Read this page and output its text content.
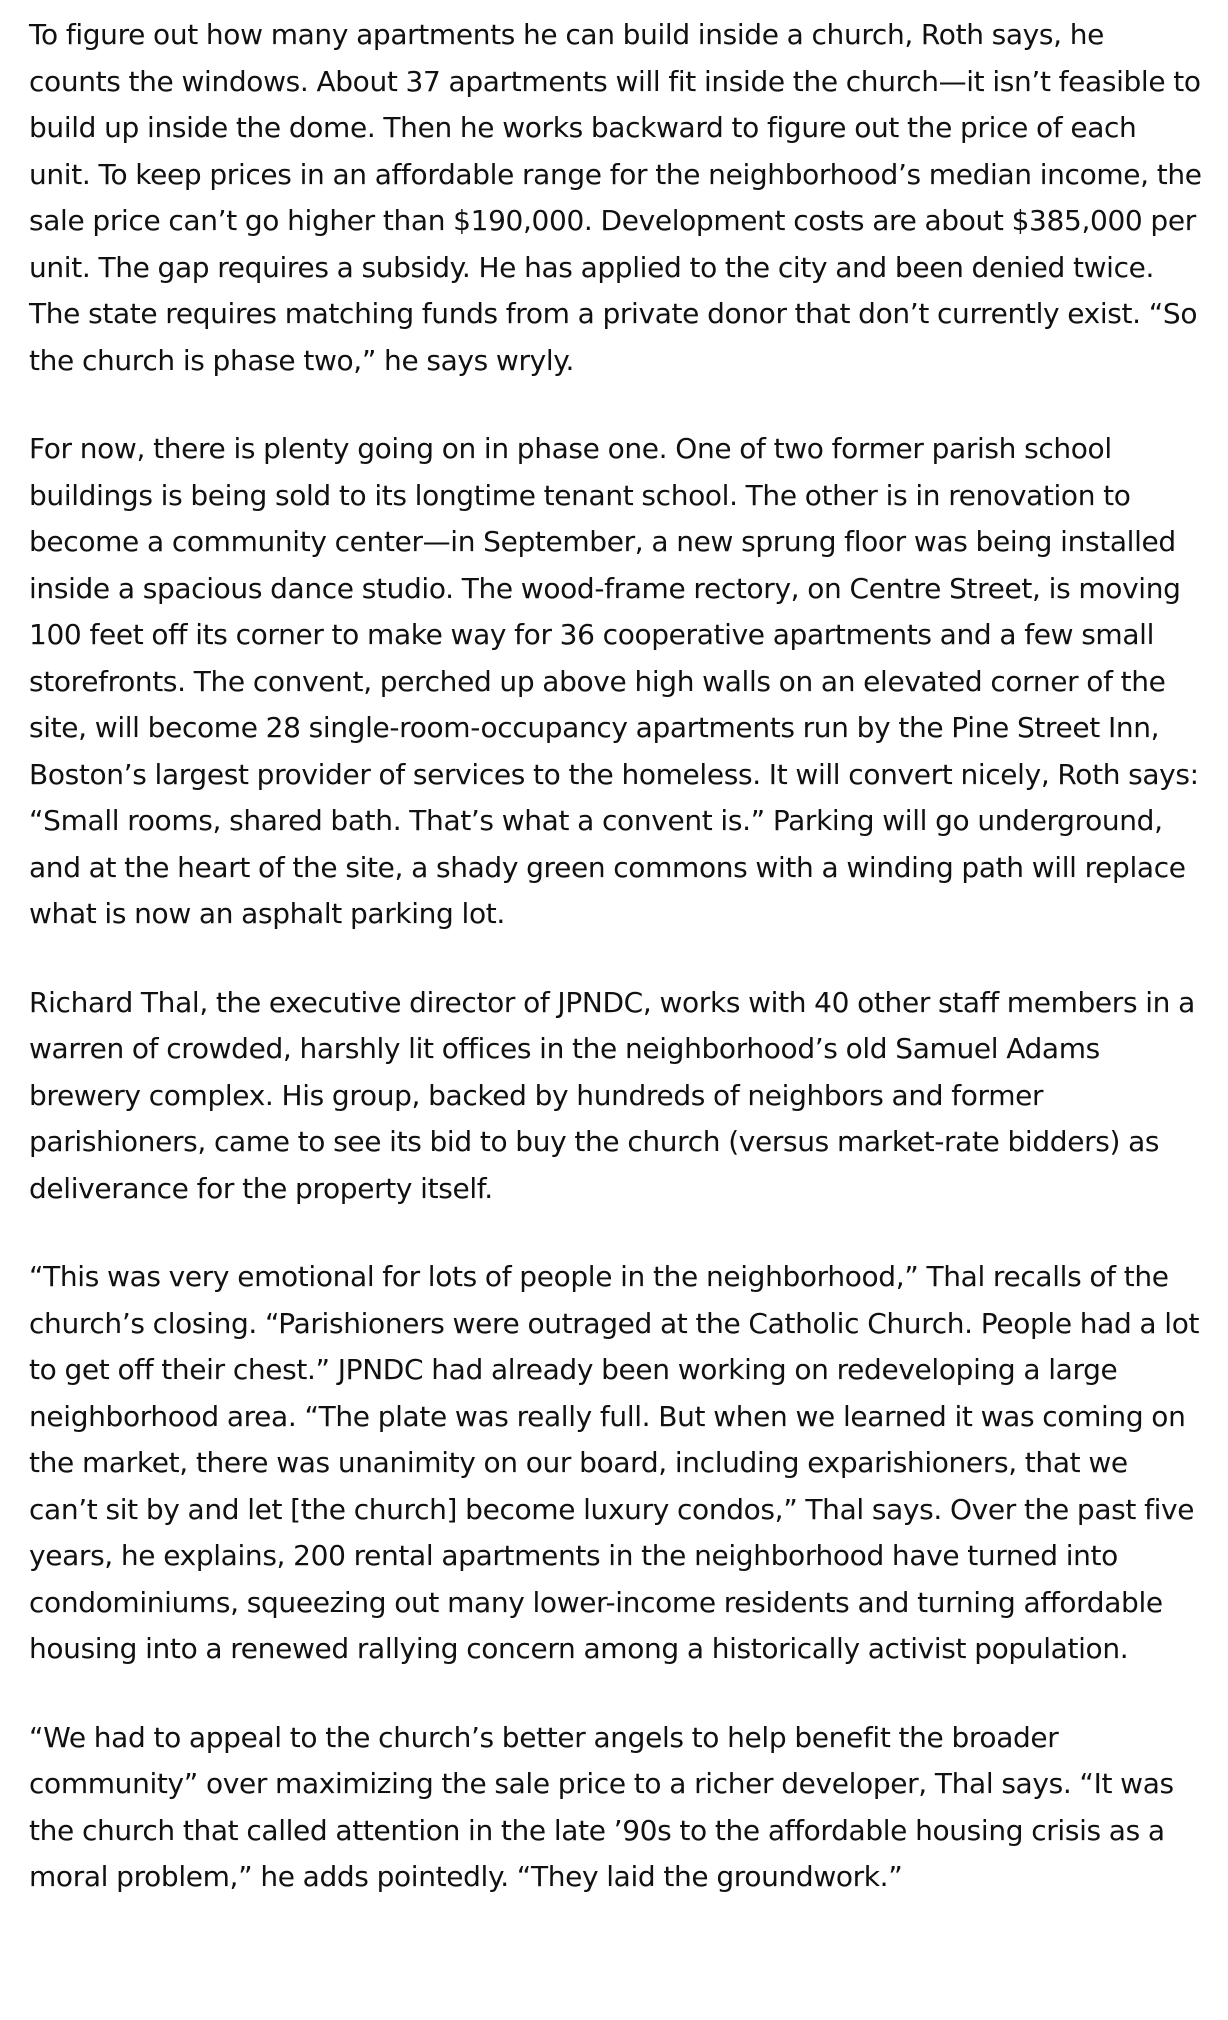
To figure out how many apartments he can build inside a church, Roth says, he counts the windows. About 37 apartments will fit inside the church—it isn’t feasible to build up inside the dome. Then he works backward to figure out the price of each unit. To keep prices in an affordable range for the neighborhood’s median income, the sale price can’t go higher than $190,000. Development costs are about $385,000 per unit. The gap requires a subsidy. He has applied to the city and been denied twice. The state requires matching funds from a private donor that don’t currently exist. “So the church is phase two,” he says wryly.

For now, there is plenty going on in phase one. One of two former parish school buildings is being sold to its longtime tenant school. The other is in renovation to become a community center—in September, a new sprung floor was being installed inside a spacious dance studio. The wood-frame rectory, on Centre Street, is moving 100 feet off its corner to make way for 36 cooperative apartments and a few small storefronts. The convent, perched up above high walls on an elevated corner of the site, will become 28 single-room-occupancy apartments run by the Pine Street Inn, Boston’s largest provider of services to the homeless. It will convert nicely, Roth says: “Small rooms, shared bath. That’s what a convent is.” Parking will go underground, and at the heart of the site, a shady green commons with a winding path will replace what is now an asphalt parking lot.

Richard Thal, the executive director of JPNDC, works with 40 other staff members in a warren of crowded, harshly lit offices in the neighborhood’s old Samuel Adams brewery complex. His group, backed by hundreds of neighbors and former parishioners, came to see its bid to buy the church (versus market-rate bidders) as deliverance for the property itself.

“This was very emotional for lots of people in the neighborhood,” Thal recalls of the church’s closing. “Parishioners were outraged at the Catholic Church. People had a lot to get off their chest.” JPNDC had already been working on redeveloping a large neighborhood area. “The plate was really full. But when we learned it was coming on the market, there was unanimity on our board, including exparishioners, that we can’t sit by and let [the church] become luxury condos,” Thal says. Over the past five years, he explains, 200 rental apartments in the neighborhood have turned into condominiums, squeezing out many lower-income residents and turning affordable housing into a renewed rallying concern among a historically activist population.

“We had to appeal to the church’s better angels to help benefit the broader community” over maximizing the sale price to a richer developer, Thal says. “It was the church that called attention in the late ’90s to the affordable housing crisis as a moral problem,” he adds pointedly. “They laid the groundwork.”
